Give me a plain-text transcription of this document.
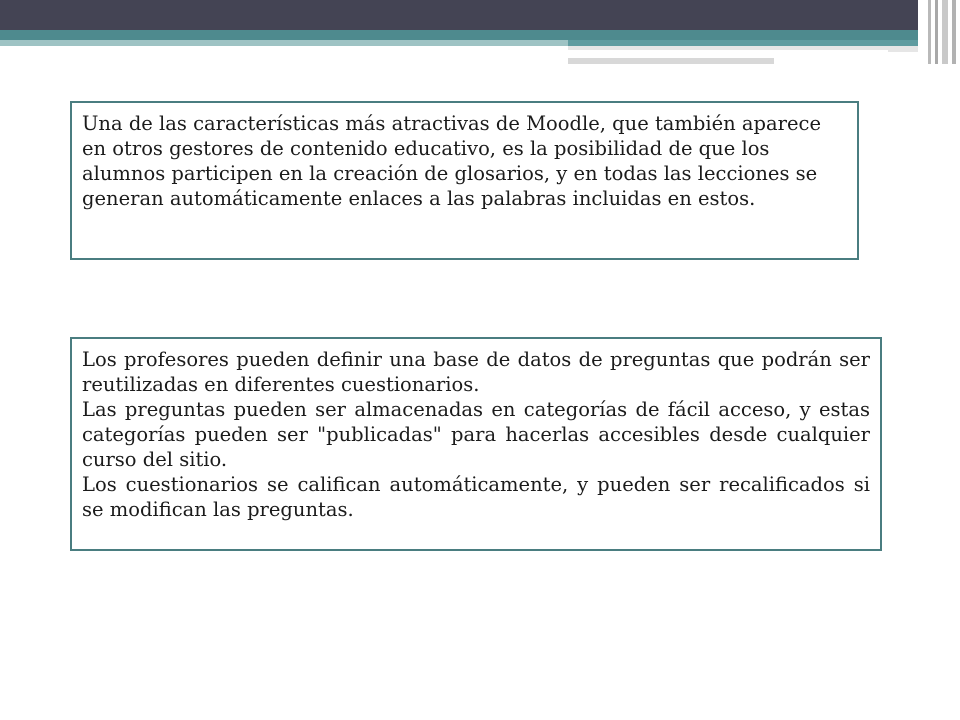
Una de las características más atractivas de Moodle, que también aparece en otros gestores de contenido educativo, es la posibilidad de que los alumnos participen en la creación de glosarios, y en todas las lecciones se generan automáticamente enlaces a las palabras incluidas en estos.

Los profesores pueden definir una base de datos de preguntas que podrán ser reutilizadas en diferentes cuestionarios.

Las preguntas pueden ser almacenadas en categorías de fácil acceso, y estas categorías pueden ser "publicadas" para hacerlas accesibles desde cualquier curso del sitio.

Los cuestionarios se califican automáticamente, y pueden ser recalificados si se modifican las preguntas.
